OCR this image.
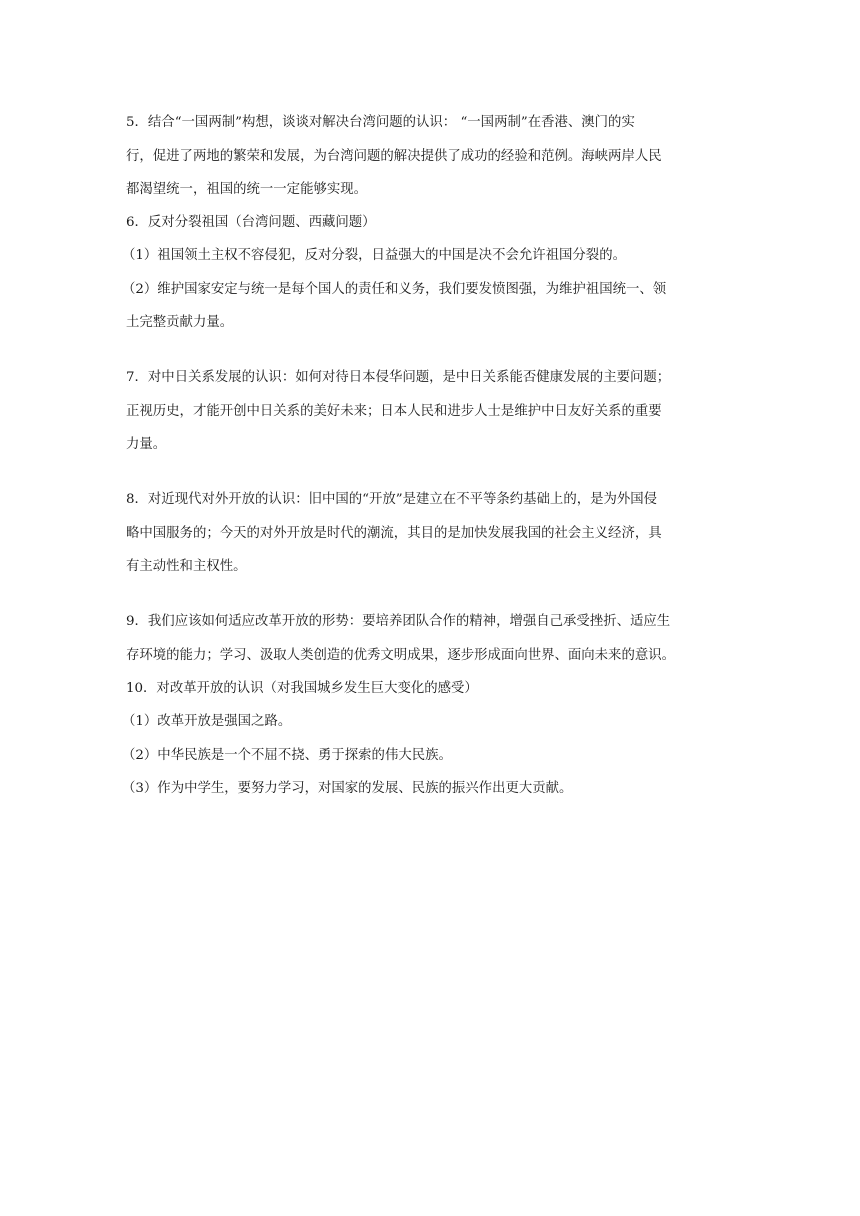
5．结合“一国两制”构想，谈谈对解决台湾问题的认识： “一国两制”在香港、澳门的实
行，促进了两地的繁荣和发展，为台湾问题的解决提供了成功的经验和范例。海峡两岸人民
都渴望统一，祖国的统一一定能够实现。
6．反对分裂祖国（台湾问题、西藏问题）
（1）祖国领土主权不容侵犯，反对分裂，日益强大的中国是决不会允许祖国分裂的。
（2）维护国家安定与统一是每个国人的责任和义务，我们要发愤图强，为维护祖国统一、领
土完整贡献力量。
7．对中日关系发展的认识：如何对待日本侵华问题，是中日关系能否健康发展的主要问题；
正视历史，才能开创中日关系的美好未来；日本人民和进步人士是维护中日友好关系的重要
力量。
8．对近现代对外开放的认识：旧中国的“开放”是建立在不平等条约基础上的，是为外国侵
略中国服务的；今天的对外开放是时代的潮流，其目的是加快发展我国的社会主义经济，具
有主动性和主权性。
9．我们应该如何适应改革开放的形势：要培养团队合作的精神，增强自己承受挫折、适应生
存环境的能力；学习、汲取人类创造的优秀文明成果，逐步形成面向世界、面向未来的意识。
10．对改革开放的认识（对我国城乡发生巨大变化的感受）
（1）改革开放是强国之路。
（2）中华民族是一个不屈不挠、勇于探索的伟大民族。
（3）作为中学生，要努力学习，对国家的发展、民族的振兴作出更大贡献。
